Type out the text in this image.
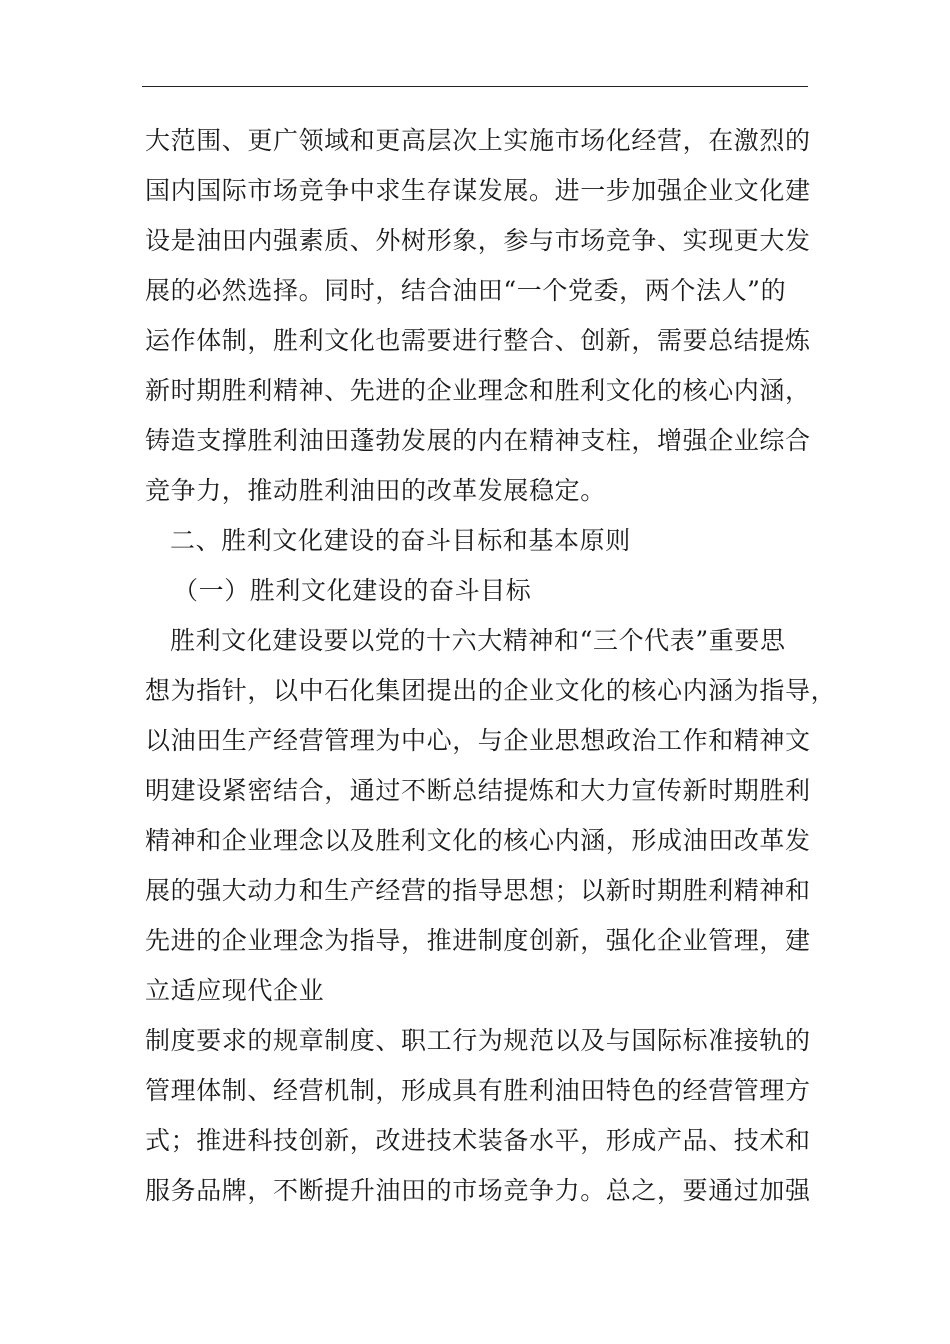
大范围、更广领域和更高层次上实施市场化经营，在激烈的
国内国际市场竞争中求生存谋发展。进一步加强企业文化建
设是油田内强素质、外树形象，参与市场竞争、实现更大发
展的必然选择。同时，结合油田“一个党委，两个法人”的
运作体制，胜利文化也需要进行整合、创新，需要总结提炼
新时期胜利精神、先进的企业理念和胜利文化的核心内涵，
铸造支撑胜利油田蓬勃发展的内在精神支柱，增强企业综合
竞争力，推动胜利油田的改革发展稳定。
二、胜利文化建设的奋斗目标和基本原则
（一）胜利文化建设的奋斗目标
胜利文化建设要以党的十六大精神和“三个代表”重要思
想为指针，以中石化集团提出的企业文化的核心内涵为指导，
以油田生产经营管理为中心，与企业思想政治工作和精神文
明建设紧密结合，通过不断总结提炼和大力宣传新时期胜利
精神和企业理念以及胜利文化的核心内涵，形成油田改革发
展的强大动力和生产经营的指导思想；以新时期胜利精神和
先进的企业理念为指导，推进制度创新，强化企业管理，建
立适应现代企业
制度要求的规章制度、职工行为规范以及与国际标准接轨的
管理体制、经营机制，形成具有胜利油田特色的经营管理方
式；推进科技创新，改进技术装备水平，形成产品、技术和
服务品牌，不断提升油田的市场竞争力。总之，要通过加强
